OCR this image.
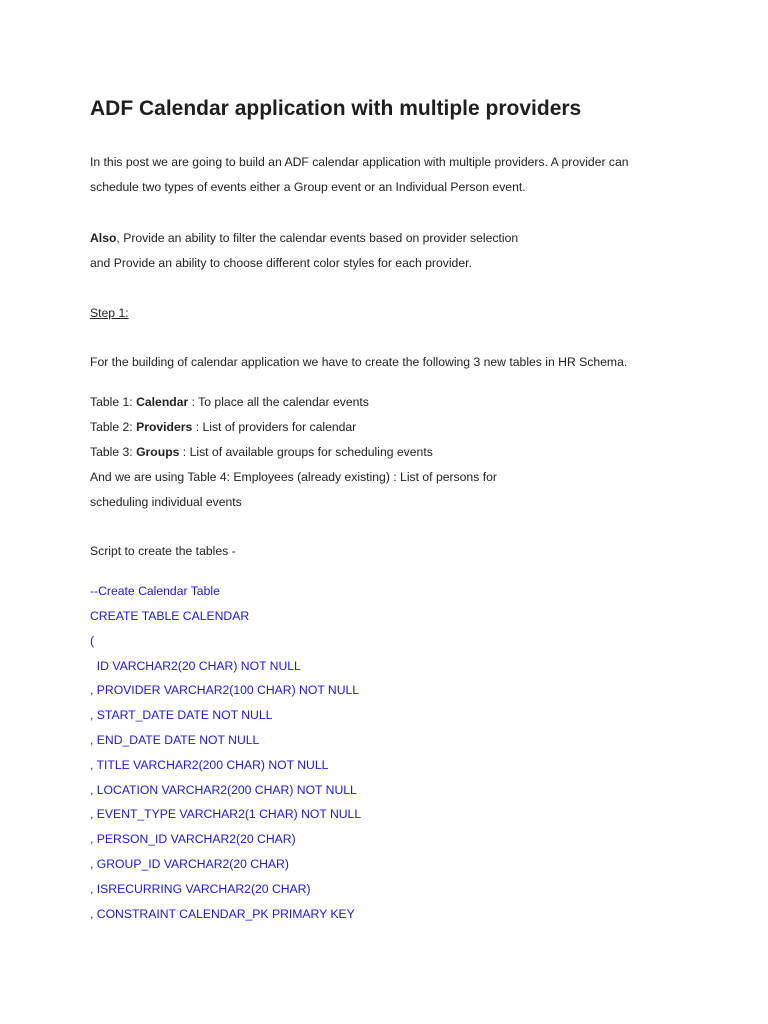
ADF Calendar application with multiple providers
In this post we are going to build an ADF calendar application with multiple providers. A provider can
schedule two types of events either a Group event or an Individual Person event.
Also, Provide an ability to filter the calendar events based on provider selection
and Provide an ability to choose different color styles for each provider.
Step 1:
For the building of calendar application we have to create the following 3 new tables in HR Schema.
Table 1: Calendar : To place all the calendar events
Table 2: Providers : List of providers for calendar
Table 3: Groups : List of available groups for scheduling events
And we are using Table 4: Employees (already existing) : List of persons for
scheduling individual events
Script to create the tables -
--Create Calendar Table
CREATE TABLE CALENDAR
(
ID VARCHAR2(20 CHAR) NOT NULL
, PROVIDER VARCHAR2(100 CHAR) NOT NULL
, START_DATE DATE NOT NULL
, END_DATE DATE NOT NULL
, TITLE VARCHAR2(200 CHAR) NOT NULL
, LOCATION VARCHAR2(200 CHAR) NOT NULL
, EVENT_TYPE VARCHAR2(1 CHAR) NOT NULL
, PERSON_ID VARCHAR2(20 CHAR)
, GROUP_ID VARCHAR2(20 CHAR)
, ISRECURRING VARCHAR2(20 CHAR)
, CONSTRAINT CALENDAR_PK PRIMARY KEY
